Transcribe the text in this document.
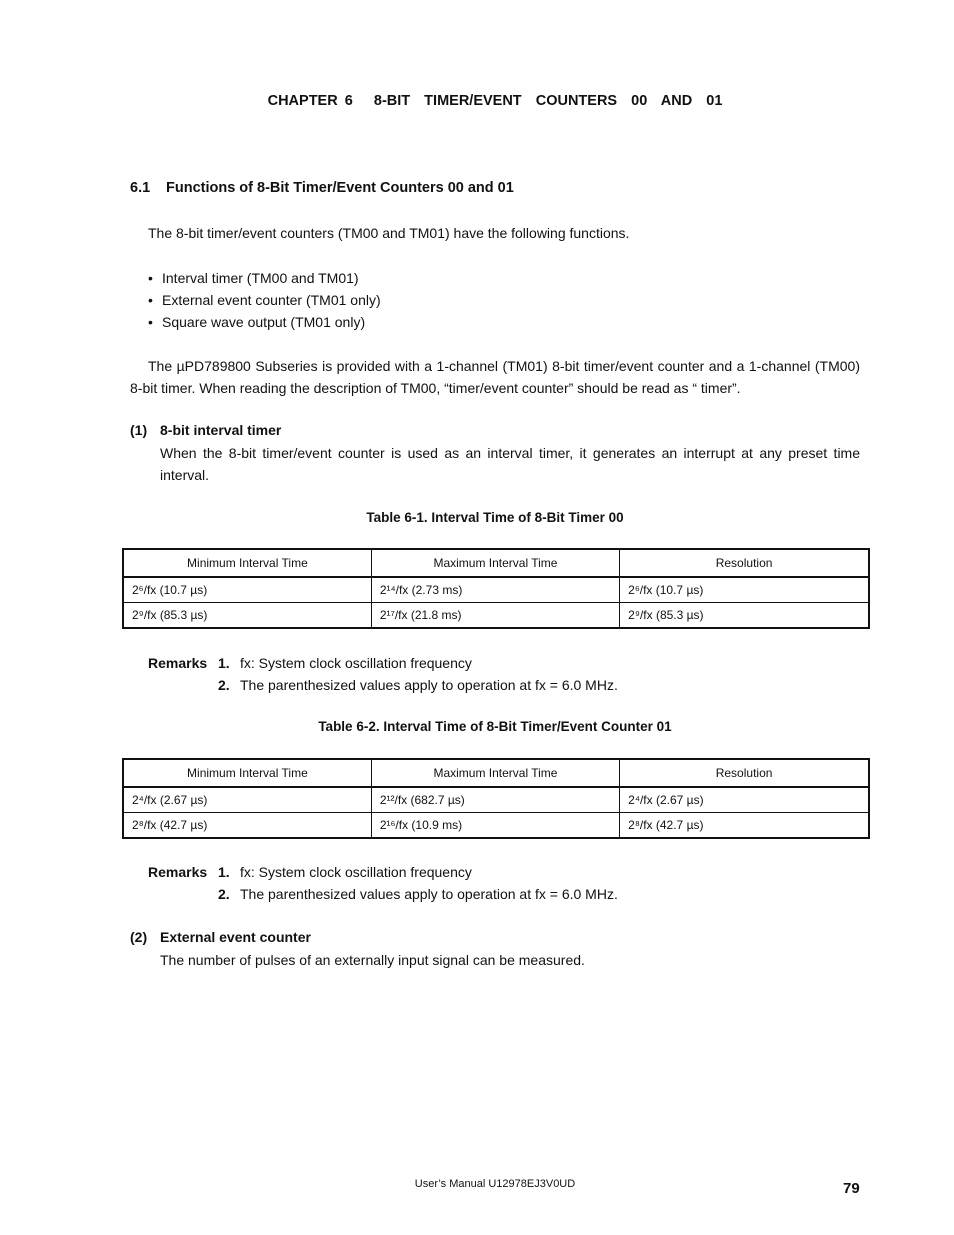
CHAPTER 6   8-BIT  TIMER/EVENT  COUNTERS  00  AND  01
6.1 Functions of 8-Bit Timer/Event Counters 00 and 01
The 8-bit timer/event counters (TM00 and TM01) have the following functions.
• Interval timer (TM00 and TM01)
• External event counter (TM01 only)
• Square wave output (TM01 only)
The µPD789800 Subseries is provided with a 1-channel (TM01) 8-bit timer/event counter and a 1-channel (TM00) 8-bit timer. When reading the description of TM00, “timer/event counter” should be read as “ timer”.
(1) 8-bit interval timer
When the 8-bit timer/event counter is used as an interval timer, it generates an interrupt at any preset time interval.
Table 6-1. Interval Time of 8-Bit Timer 00
Minimum Interval Time	Maximum Interval Time	Resolution
2⁶/fx (10.7 µs)	2¹⁴/fx (2.73 ms)	2⁶/fx (10.7 µs)
2⁹/fx (85.3 µs)	2¹⁷/fx (21.8 ms)	2⁹/fx (85.3 µs)
Remarks 1. fx: System clock oscillation frequency
2. The parenthesized values apply to operation at fx = 6.0 MHz.
Table 6-2. Interval Time of 8-Bit Timer/Event Counter 01
Minimum Interval Time	Maximum Interval Time	Resolution
2⁴/fx (2.67 µs)	2¹²/fx (682.7 µs)	2⁴/fx (2.67 µs)
2⁸/fx (42.7 µs)	2¹⁶/fx (10.9 ms)	2⁸/fx (42.7 µs)
Remarks 1. fx: System clock oscillation frequency
2. The parenthesized values apply to operation at fx = 6.0 MHz.
(2) External event counter
The number of pulses of an externally input signal can be measured.
User’s Manual U12978EJ3V0UD	79
